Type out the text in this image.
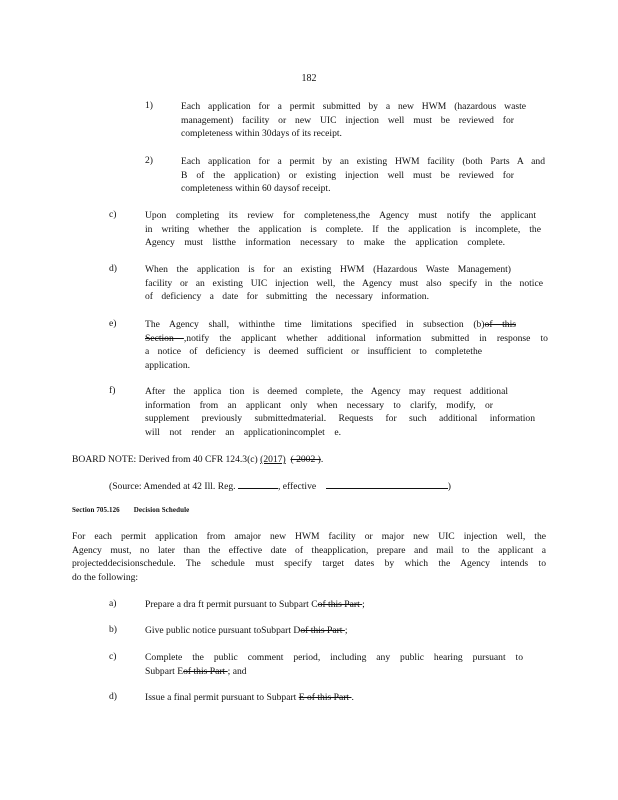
182
1)	Each application for a permit submitted by a new HWM (hazardous waste
management) facility or new UIC injection well must be reviewed for
completeness within 30days of its receipt.
2)	Each application for a permit by an existing HWM facility (both Parts A and
B of the application) or existing injection well must be reviewed for
completeness within 60 daysof receipt.
c)	Upon completing its review for completeness,the Agency must notify the applicant
in writing whether the application is complete. If the application is incomplete, the
Agency must listthe information necessary to make the application complete.
d)	When the application is for an existing HWM (Hazardous Waste Management)
facility or an existing UIC injection well, the Agency must also specify in the notice
of deficiency a date for submitting the necessary information.
e)	The Agency shall, withinthe time limitations specified in subsection (b)of this
Section ,notify the applicant whether additional information submitted in response to
a notice of deficiency is deemed sufficient or insufficient to completethe
application.
f)	After the applica tion is deemed complete, the Agency may request additional
information from an applicant only when necessary to clarify, modify, or
supplement previously submittedmaterial. Requests for such additional information
will not render an applicationincomplet e.
BOARD NOTE: Derived from 40 CFR 124.3(c) (2017) ( 2002 ).
(Source: Amended at 42 Ill. Reg.	, effective	)
Section 705.126 Decision Schedule
For each permit application from amajor new HWM facility or major new UIC injection well, the
Agency must, no later than the effective date of theapplication, prepare and mail to the applicant a
projecteddecisionschedule. The schedule must specify target dates by which the Agency intends to
do the following:
a)	Prepare a dra ft permit pursuant to Subpart Cof this Part ;
b)	Give public notice pursuant toSubpart Dof this Part ;
c)	Complete the public comment period, including any public hearing pursuant to
Subpart Eof this Part ; and
d)	Issue a final permit pursuant to Subpart E of this Part .
